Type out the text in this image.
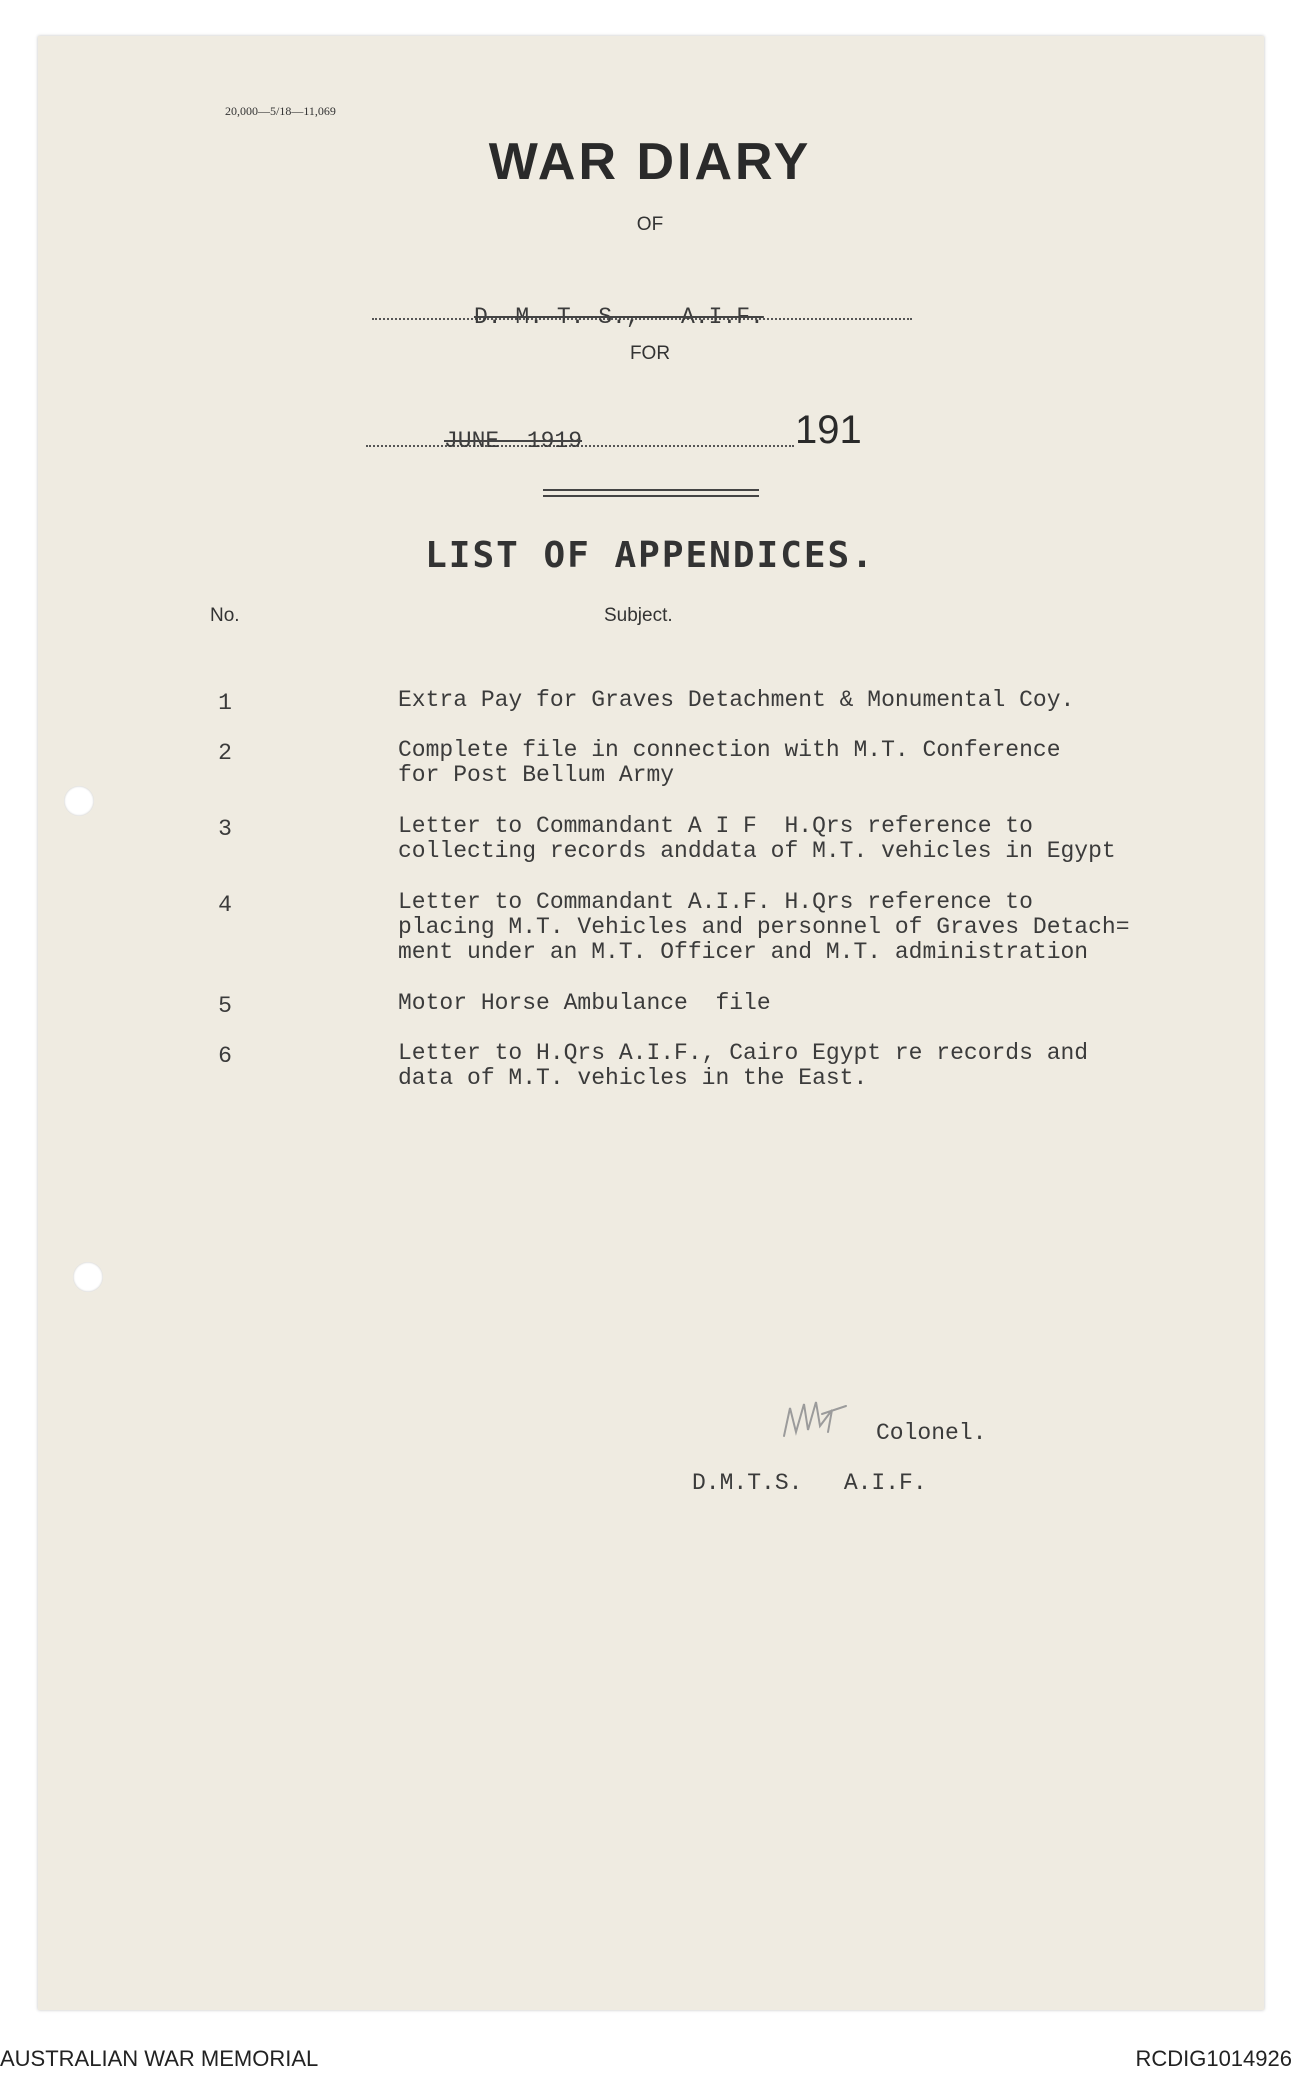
20,000—5/18—11,069
WAR DIARY
OF
D. M. T. S.,   A.I.F.
FOR
JUNE  1919	191
LIST OF APPENDICES.
No.	Subject.
1	Extra Pay for Graves Detachment & Monumental Coy.
2	Complete file in connection with M.T. Conference
for Post Bellum Army
3	Letter to Commandant A I F  H.Qrs reference to
collecting records anddata of M.T. vehicles in Egypt
4	Letter to Commandant A.I.F. H.Qrs reference to
placing M.T. Vehicles and personnel of Graves Detach=
ment under an M.T. Officer and M.T. administration
5	Motor Horse Ambulance  file
6	Letter to H.Qrs A.I.F., Cairo Egypt re records and
data of M.T. vehicles in the East.
Colonel.
D.M.T.S.   A.I.F.
AUSTRALIAN WAR MEMORIAL	RCDIG1014926
